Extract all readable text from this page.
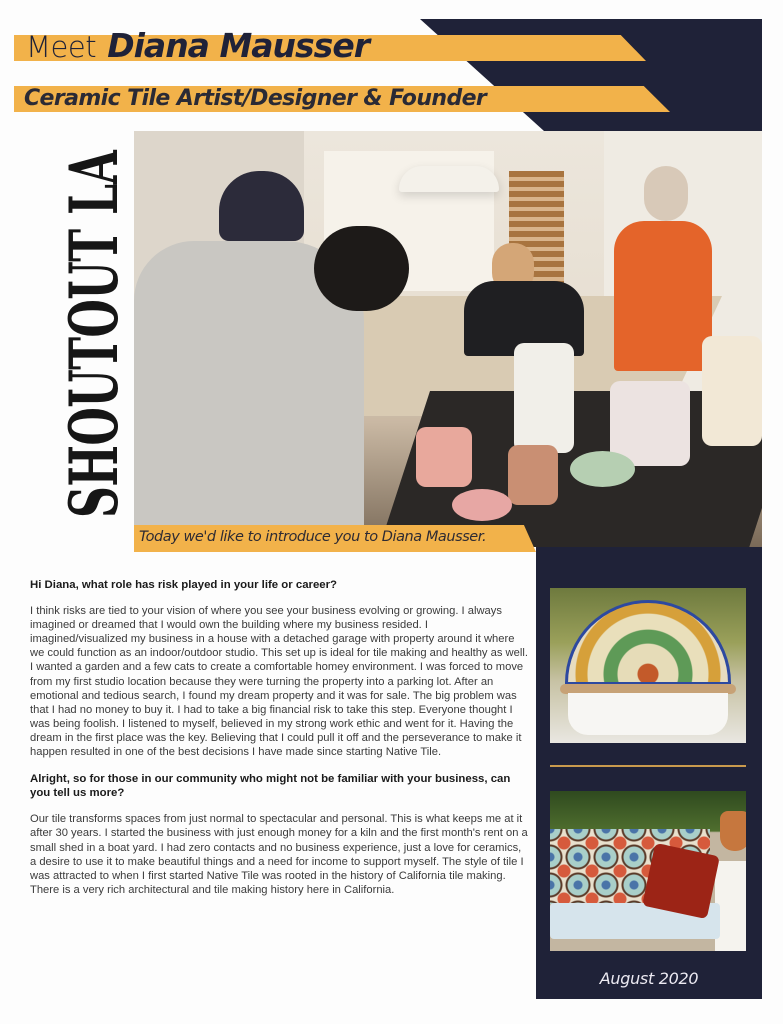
Meet Diana Mausser
Ceramic Tile Artist/Designer & Founder
SHOUTOUT LA
Today we'd like to introduce you to Diana Mausser.

Hi Diana, what role has risk played in your life or career?

I think risks are tied to your vision of where you see your business evolving or growing. I always imagined or dreamed that I would own the building where my business resided. I imagined/visualized my business in a house with a detached garage with property around it where we could function as an indoor/outdoor studio. This set up is ideal for tile making and healthy as well. I wanted a garden and a few cats to create a comfortable homey environment. I was forced to move from my first studio location because they were turning the property into a parking lot. After an emotional and tedious search, I found my dream property and it was for sale. The big problem was that I had no money to buy it. I had to take a big financial risk to take this step. Everyone thought I was being foolish. I listened to myself, believed in my strong work ethic and went for it. Having the dream in the first place was the key. Believing that I could pull it off and the perseverance to make it happen resulted in one of the best decisions I have made since starting Native Tile.

Alright, so for those in our community who might not be familiar with your business, can you tell us more?

Our tile transforms spaces from just normal to spectacular and personal. This is what keeps me at it after 30 years. I started the business with just enough money for a kiln and the first month's rent on a small shed in a boat yard. I had zero contacts and no business experience, just a love for ceramics, a desire to use it to make beautiful things and a need for income to support myself. The style of tile I was attracted to when I first started Native Tile was rooted in the history of California tile making. There is a very rich architectural and tile making history here in California.

August 2020
